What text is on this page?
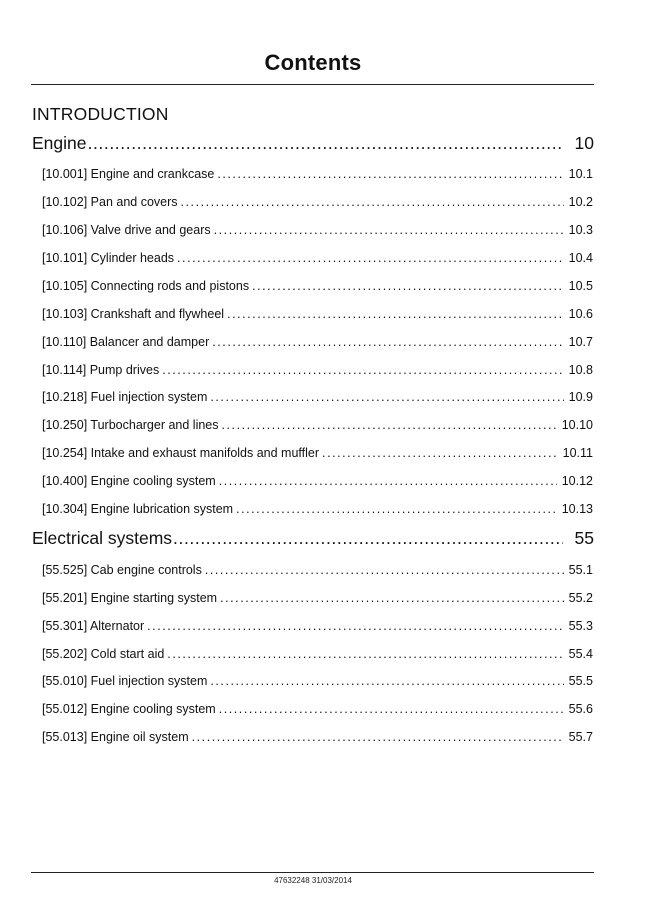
Contents
INTRODUCTION
Engine .....	10
[10.001] Engine and crankcase .....	10.1
[10.102] Pan and covers .....	10.2
[10.106] Valve drive and gears .....	10.3
[10.101] Cylinder heads .....	10.4
[10.105] Connecting rods and pistons .....	10.5
[10.103] Crankshaft and flywheel .....	10.6
[10.110] Balancer and damper .....	10.7
[10.114] Pump drives .....	10.8
[10.218] Fuel injection system .....	10.9
[10.250] Turbocharger and lines .....	10.10
[10.254] Intake and exhaust manifolds and muffler .....	10.11
[10.400] Engine cooling system .....	10.12
[10.304] Engine lubrication system .....	10.13
Electrical systems .....	55
[55.525] Cab engine controls .....	55.1
[55.201] Engine starting system .....	55.2
[55.301] Alternator .....	55.3
[55.202] Cold start aid .....	55.4
[55.010] Fuel injection system .....	55.5
[55.012] Engine cooling system .....	55.6
[55.013] Engine oil system .....	55.7
47632248 31/03/2014
